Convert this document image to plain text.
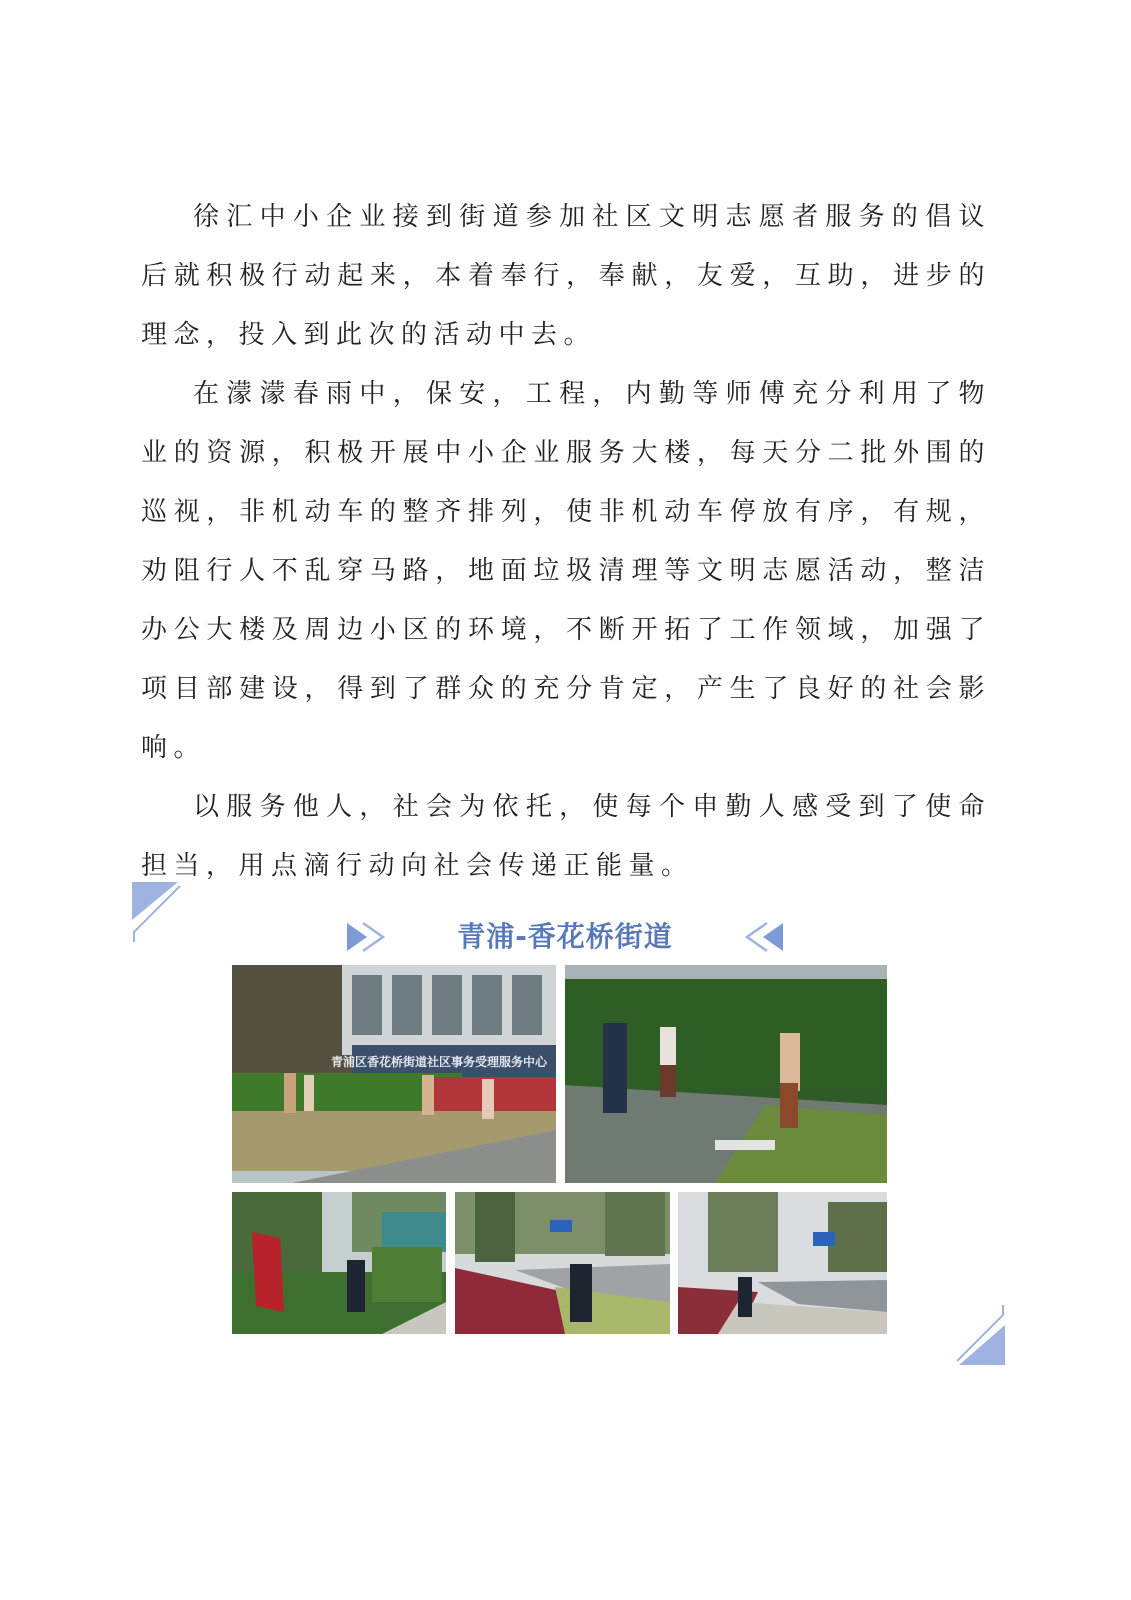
徐汇中小企业接到街道参加社区文明志愿者服务的倡议后就积极行动起来，本着奉行，奉献，友爱，互助，进步的理念，投入到此次的活动中去。

在濛濛春雨中，保安，工程，内勤等师傅充分利用了物业的资源，积极开展中小企业服务大楼，每天分二批外围的巡视，非机动车的整齐排列，使非机动车停放有序，有规，劝阻行人不乱穿马路，地面垃圾清理等文明志愿活动，整洁办公大楼及周边小区的环境，不断开拓了工作领域，加强了项目部建设，得到了群众的充分肯定，产生了良好的社会影响。

以服务他人，社会为依托，使每个申勤人感受到了使命担当，用点滴行动向社会传递正能量。

青浦-香花桥街道
青浦区香花桥街道社区事务受理服务中心
